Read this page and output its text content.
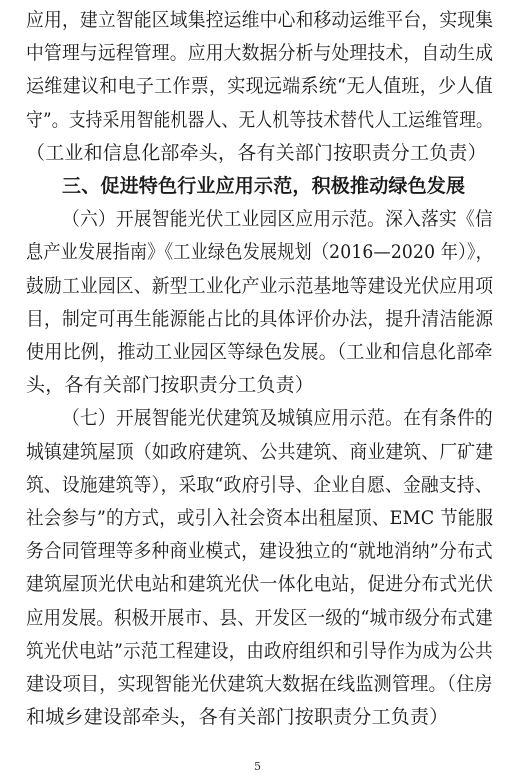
应用，建立智能区域集控运维中心和移动运维平台，实现集
中管理与远程管理。应用大数据分析与处理技术，自动生成
运维建议和电子工作票，实现远端系统“无人值班，少人值
守”。支持采用智能机器人、无人机等技术替代人工运维管理。
（工业和信息化部牵头，各有关部门按职责分工负责）
三、促进特色行业应用示范，积极推动绿色发展
（六）开展智能光伏工业园区应用示范。深入落实《信
息产业发展指南》《工业绿色发展规划（2016—2020 年）》，
鼓励工业园区、新型工业化产业示范基地等建设光伏应用项
目，制定可再生能源能占比的具体评价办法，提升清洁能源
使用比例，推动工业园区等绿色发展。（工业和信息化部牵
头，各有关部门按职责分工负责）
（七）开展智能光伏建筑及城镇应用示范。在有条件的
城镇建筑屋顶（如政府建筑、公共建筑、商业建筑、厂矿建
筑、设施建筑等），采取“政府引导、企业自愿、金融支持、
社会参与”的方式，或引入社会资本出租屋顶、EMC 节能服
务合同管理等多种商业模式，建设独立的“就地消纳”分布式
建筑屋顶光伏电站和建筑光伏一体化电站，促进分布式光伏
应用发展。积极开展市、县、开发区一级的“城市级分布式建
筑光伏电站”示范工程建设，由政府组织和引导作为成为公共
建设项目，实现智能光伏建筑大数据在线监测管理。（住房
和城乡建设部牵头，各有关部门按职责分工负责）
5
